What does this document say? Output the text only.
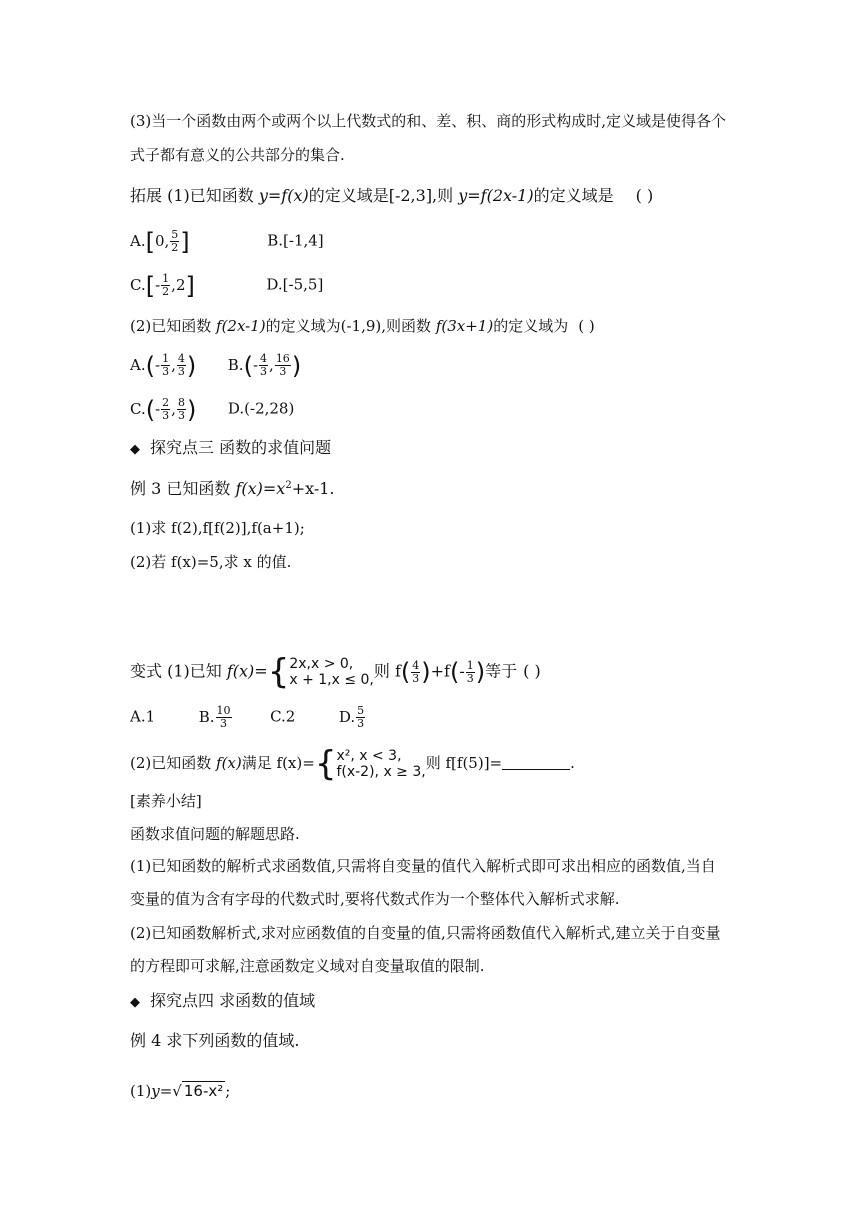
(3)当一个函数由两个或两个以上代数式的和、差、积、商的形式构成时,定义域是使得各个
式子都有意义的公共部分的集合.
拓展 (1)已知函数 y=f(x)的定义域是[-2,3],则 y=f(2x-1)的定义域是 ( )
A.[0, $\frac{5}{2}$ ]	B.[-1,4]
$C.[- \frac{1}{2} ,2]$	D.[-5,5]
(2)已知函数 f(2x-1)的定义域为(-1,9),则函数 f(3x+1)的定义域为 ( )
$A.(- \frac{1}{3}$ , $\frac{4}{3}$ ) $B.(- \frac{4}{3}$ , $\frac{16}{3}$ )
$C.(- \frac{2}{3}$ , $\frac{8}{3}$ ) D.(-2,28)
◆ 探究点三 函数的求值问题
例 3 已知函数 $f(x)=x^2+x-1$.
(1)求 f(2),f[f(2)],f(a+1);
(2)若 f(x)=5,求 x 的值.
变式 (1)已知 f(x)={ 2x,x > 0,
x + 1,x ≤ 0, 则 $f( \frac{4}{3} )+f(- \frac{1}{3}$ )等于 ( )
A.1	B. $\frac{10}{3}$	C.2	D. $\frac{5}{3}$
(2)已知函数 f(x)满足 f(x)={ x², x < 3,
f(x-2), x ≥ 3, 则 f[f(5)]=	.
[素养小结]
函数求值问题的解题思路.
(1)已知函数的解析式求函数值,只需将自变量的值代入解析式即可求出相应的函数值,当自
变量的值为含有字母的代数式时,要将代数式作为一个整体代入解析式求解.
(2)已知函数解析式,求对应函数值的自变量的值,只需将函数值代入解析式,建立关于自变量
的方程即可求解,注意函数定义域对自变量取值的限制.
◆ 探究点四 求函数的值域
例 4 求下列函数的值域.
(1)y=√ 16-x² ;
